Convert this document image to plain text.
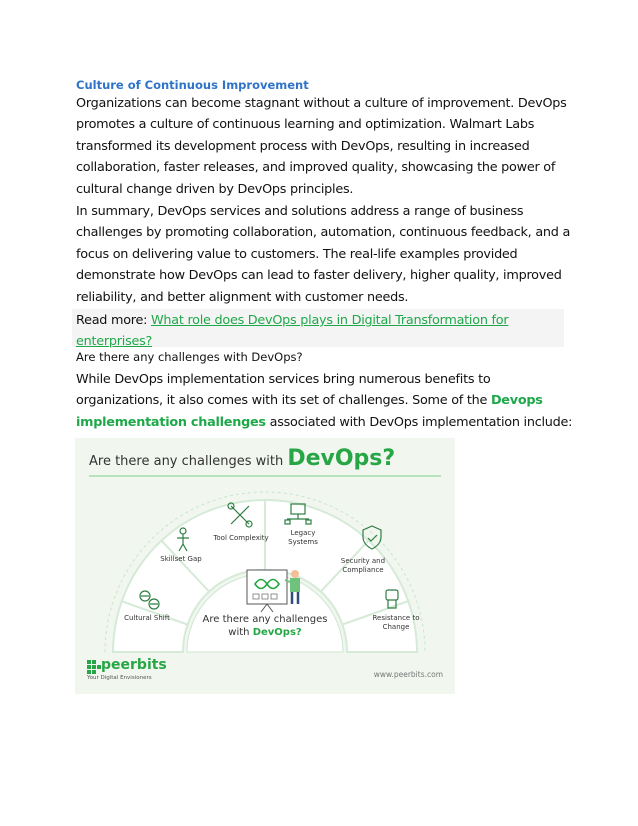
Culture of Continuous Improvement

Organizations can become stagnant without a culture of improvement. DevOps promotes a culture of continuous learning and optimization. Walmart Labs transformed its development process with DevOps, resulting in increased collaboration, faster releases, and improved quality, showcasing the power of cultural change driven by DevOps principles.

In summary, DevOps services and solutions address a range of business challenges by promoting collaboration, automation, continuous feedback, and a focus on delivering value to customers. The real-life examples provided demonstrate how DevOps can lead to faster delivery, higher quality, improved reliability, and better alignment with customer needs.

Read more: What role does DevOps plays in Digital Transformation for enterprises?
Are there any challenges with DevOps?

While DevOps implementation services bring numerous benefits to organizations, it also comes with its set of challenges. Some of the Devops implementation challenges associated with DevOps implementation include:

Are there any challenges with DevOps?
Cultural Shift
Skillset Gap
Tool Complexity
Legacy Systems
Security and Compliance
Resistance to Change
Are there any challenges
with DevOps?
peerbits
Your Digital Envisioners	www.peerbits.com
